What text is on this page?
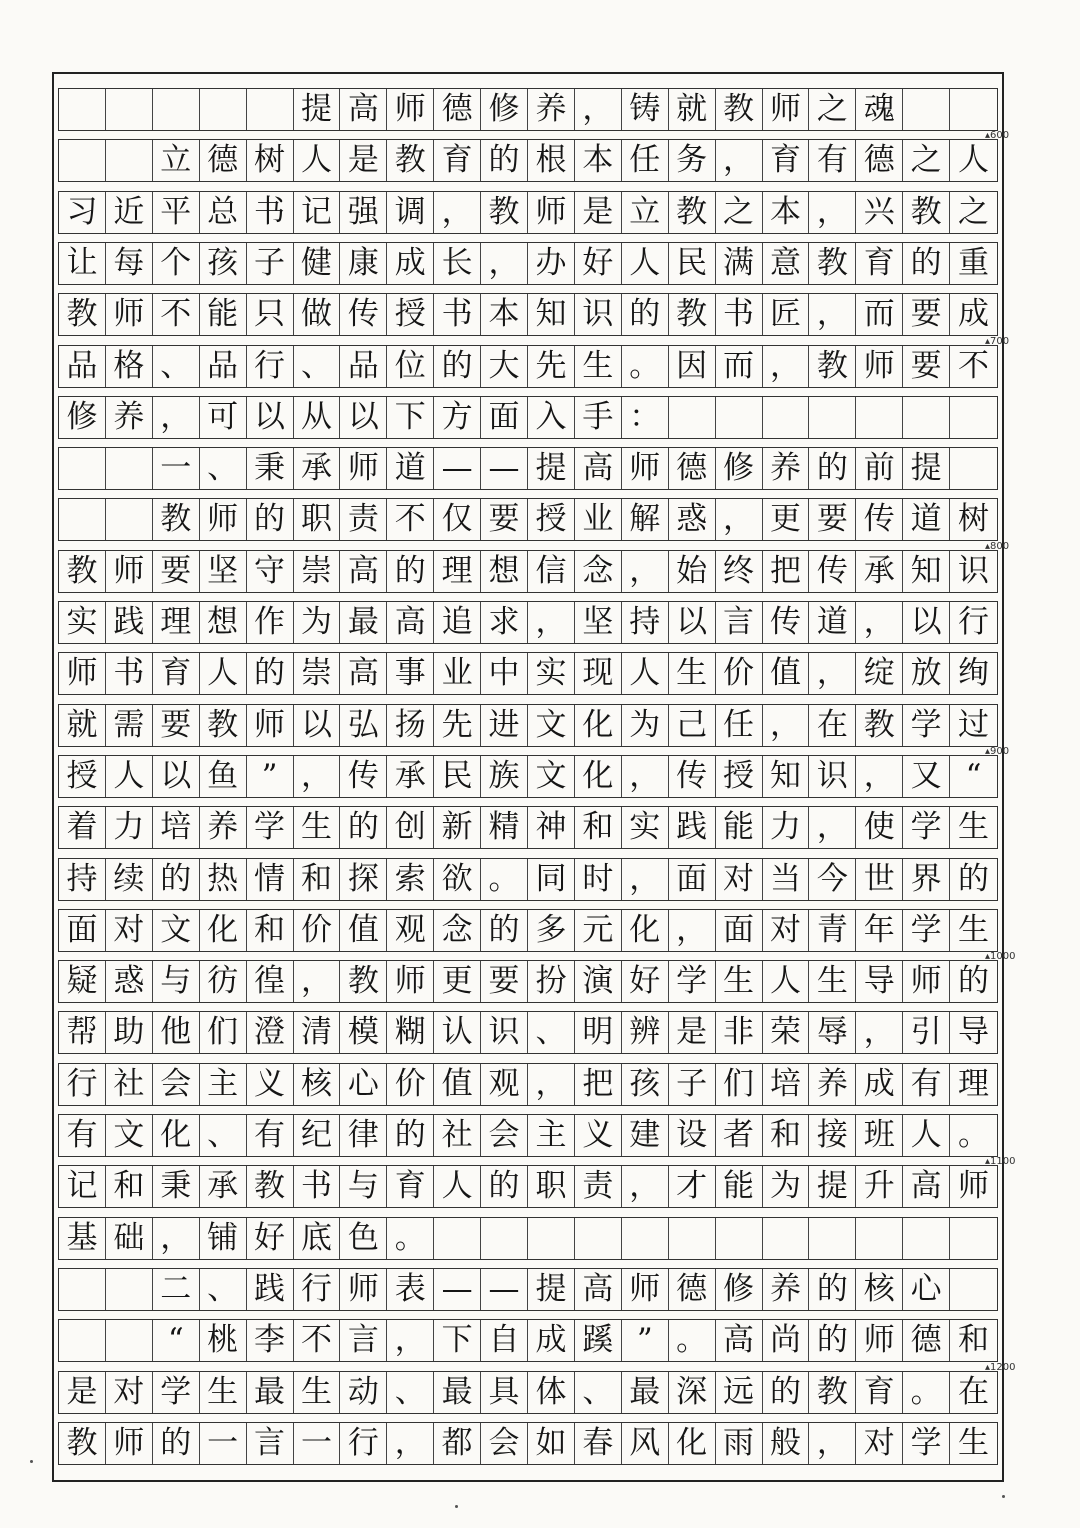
提 高 师 德 修 养 ， 铸 就 教 师 之 魂
立 德 树 人 是 教 育 的 根 本 任 务 ， 育 有 德 之 人
习 近 平 总 书 记 强 调 ， 教 师 是 立 教 之 本 ， 兴 教 之
让 每 个 孩 子 健 康 成 长 ， 办 好 人 民 满 意 教 育 的 重
教 师 不 能 只 做 传 授 书 本 知 识 的 教 书 匠 ， 而 要 成
品 格 、 品 行 、 品 位 的 大 先 生 。 因 而 ， 教 师 要 不
修 养 ， 可 以 从 以 下 方 面 入 手 ：
一 、 秉 承 师 道 — — 提 高 师 德 修 养 的 前 提
教 师 的 职 责 不 仅 要 授 业 解 惑 ， 更 要 传 道 树
教 师 要 坚 守 崇 高 的 理 想 信 念 ， 始 终 把 传 承 知 识
实 践 理 想 作 为 最 高 追 求 ， 坚 持 以 言 传 道 ， 以 行
师 书 育 人 的 崇 高 事 业 中 实 现 人 生 价 值 ， 绽 放 绚
就 需 要 教 师 以 弘 扬 先 进 文 化 为 己 任 ， 在 教 学 过
授 人 以 鱼 ” ， 传 承 民 族 文 化 ， 传 授 知 识 ， 又 “
着 力 培 养 学 生 的 创 新 精 神 和 实 践 能 力 ， 使 学 生
持 续 的 热 情 和 探 索 欲 。 同 时 ， 面 对 当 今 世 界 的
面 对 文 化 和 价 值 观 念 的 多 元 化 ， 面 对 青 年 学 生
疑 惑 与 彷 徨 ， 教 师 更 要 扮 演 好 学 生 人 生 导 师 的
帮 助 他 们 澄 清 模 糊 认 识 、 明 辨 是 非 荣 辱 ， 引 导
行 社 会 主 义 核 心 价 值 观 ， 把 孩 子 们 培 养 成 有 理
有 文 化 、 有 纪 律 的 社 会 主 义 建 设 者 和 接 班 人 。
记 和 秉 承 教 书 与 育 人 的 职 责 ， 才 能 为 提 升 高 师
基 础 ， 铺 好 底 色 。
二 、 践 行 师 表 — — 提 高 师 德 修 养 的 核 心
“ 桃 李 不 言 ， 下 自 成 蹊 ” 。 高 尚 的 师 德 和
是 对 学 生 最 生 动 、 最 具 体 、 最 深 远 的 教 育 。 在
教 师 的 一 言 一 行 ， 都 会 如 春 风 化 雨 般 ， 对 学 生
▴600
▴700
▴800
▴900
▴1000
▴1100
▴1200
